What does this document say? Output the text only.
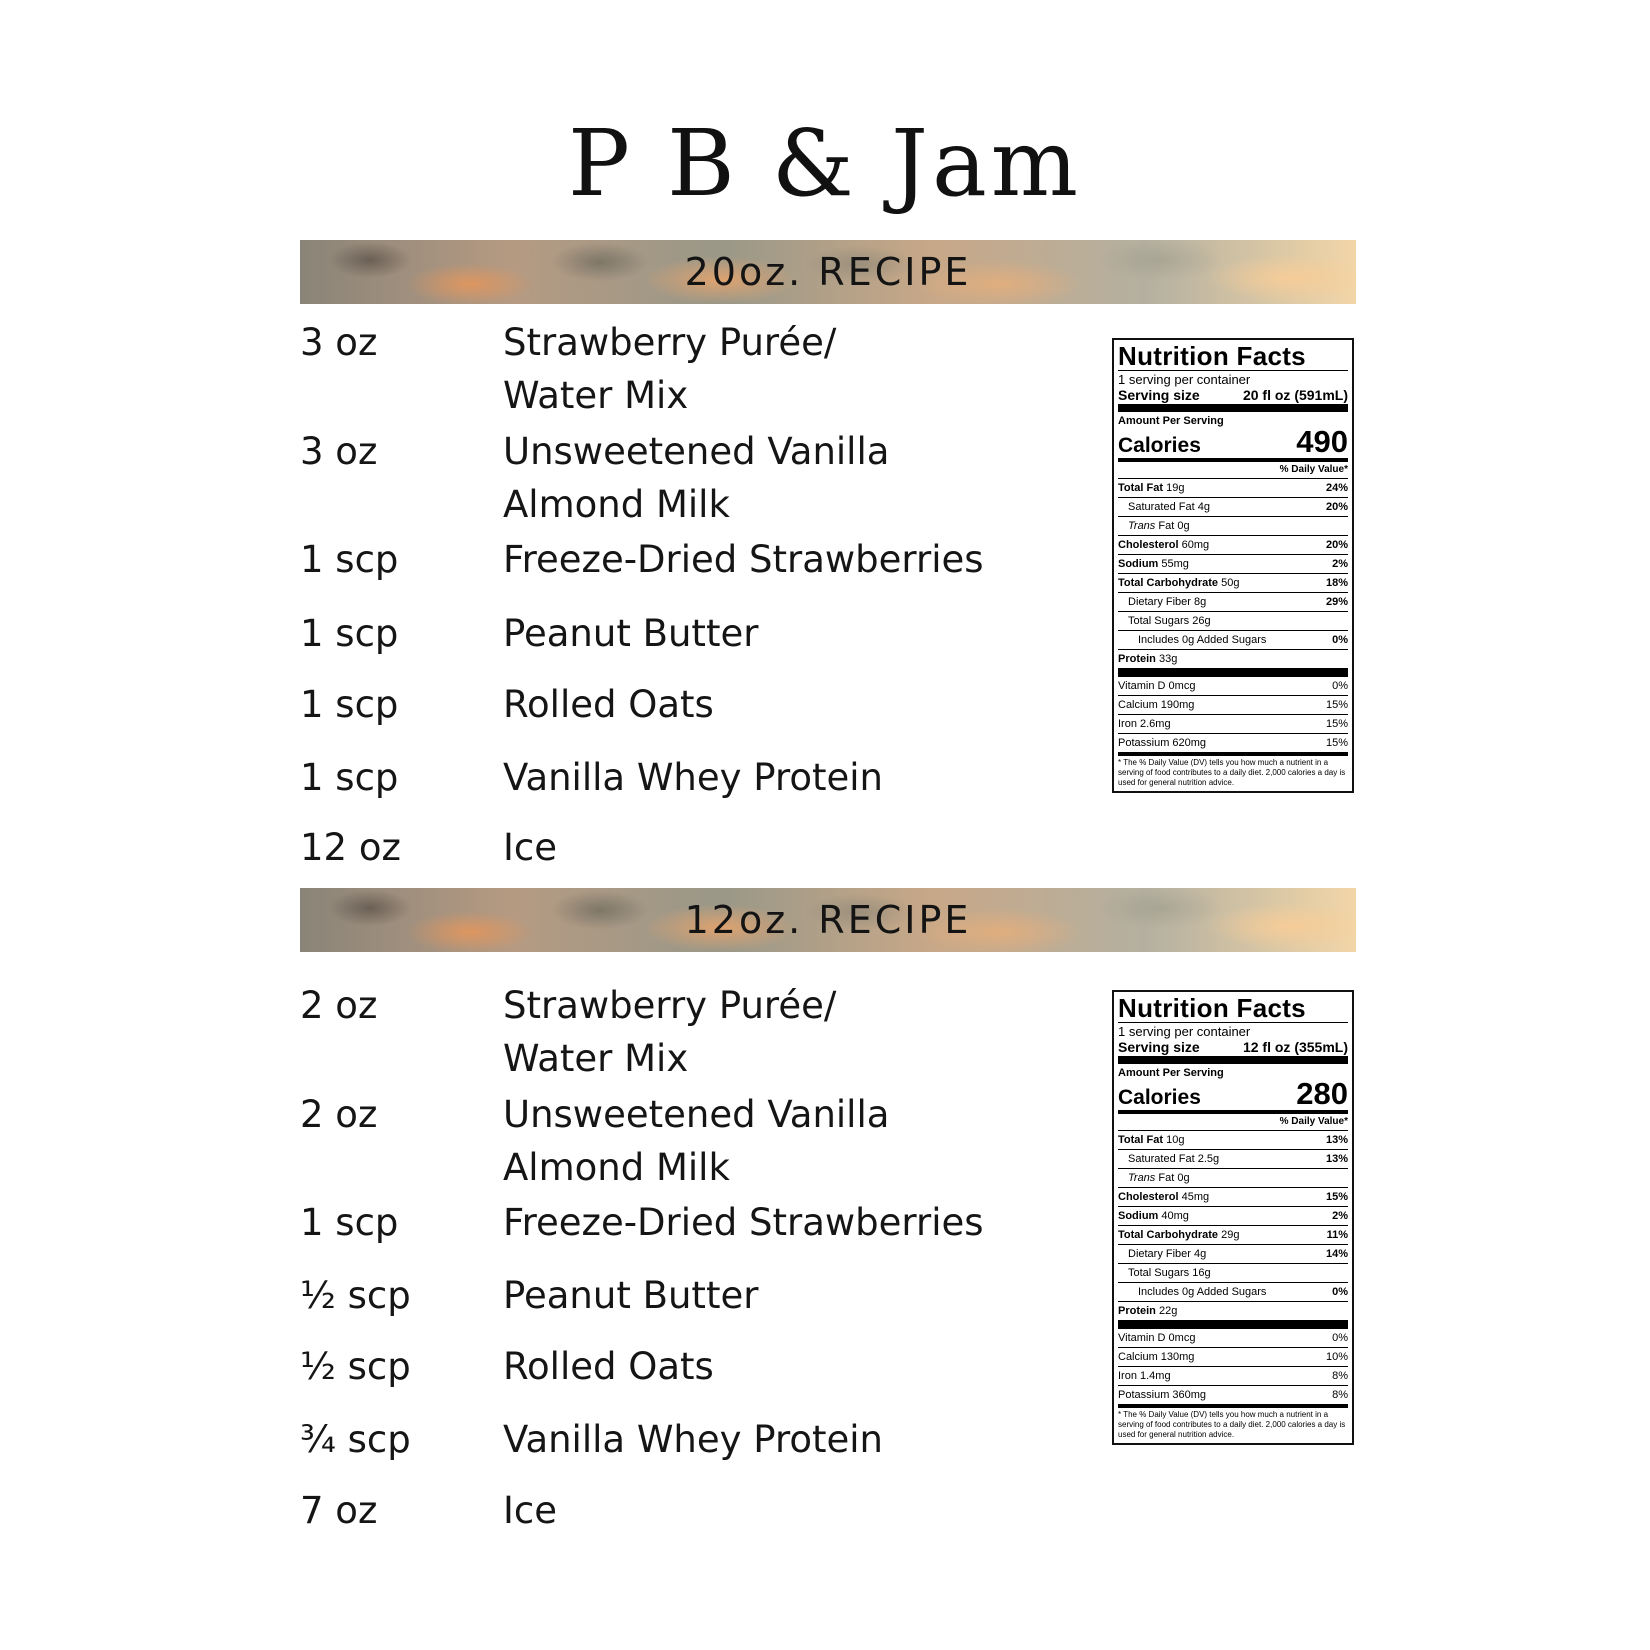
P B & Jam
20oz. RECIPE
3 oz	Strawberry Purée/
Water Mix
3 oz	Unsweetened Vanilla
Almond Milk
1 scp	Freeze-Dried Strawberries
1 scp	Peanut Butter
1 scp	Rolled Oats
1 scp	Vanilla Whey Protein
12 oz	Ice
Nutrition Facts
1 serving per container
Serving size	20 fl oz (591mL)
Amount Per Serving
Calories	490
% Daily Value*
Total Fat 19g	24%
Saturated Fat 4g	20%
Trans Fat 0g
Cholesterol 60mg	20%
Sodium 55mg	2%
Total Carbohydrate 50g	18%
Dietary Fiber 8g	29%
Total Sugars 26g
Includes 0g Added Sugars	0%
Protein 33g
Vitamin D 0mcg	0%
Calcium 190mg	15%
Iron 2.6mg	15%
Potassium 620mg	15%
* The % Daily Value (DV) tells you how much a nutrient in a serving of food contributes to a daily diet. 2,000 calories a day is used for general nutrition advice.
12oz. RECIPE
2 oz	Strawberry Purée/
Water Mix
2 oz	Unsweetened Vanilla
Almond Milk
1 scp	Freeze-Dried Strawberries
½ scp	Peanut Butter
½ scp	Rolled Oats
¾ scp	Vanilla Whey Protein
7 oz	Ice
Nutrition Facts
1 serving per container
Serving size	12 fl oz (355mL)
Amount Per Serving
Calories	280
% Daily Value*
Total Fat 10g	13%
Saturated Fat 2.5g	13%
Trans Fat 0g
Cholesterol 45mg	15%
Sodium 40mg	2%
Total Carbohydrate 29g	11%
Dietary Fiber 4g	14%
Total Sugars 16g
Includes 0g Added Sugars	0%
Protein 22g
Vitamin D 0mcg	0%
Calcium 130mg	10%
Iron 1.4mg	8%
Potassium 360mg	8%
* The % Daily Value (DV) tells you how much a nutrient in a serving of food contributes to a daily diet. 2,000 calories a day is used for general nutrition advice.
